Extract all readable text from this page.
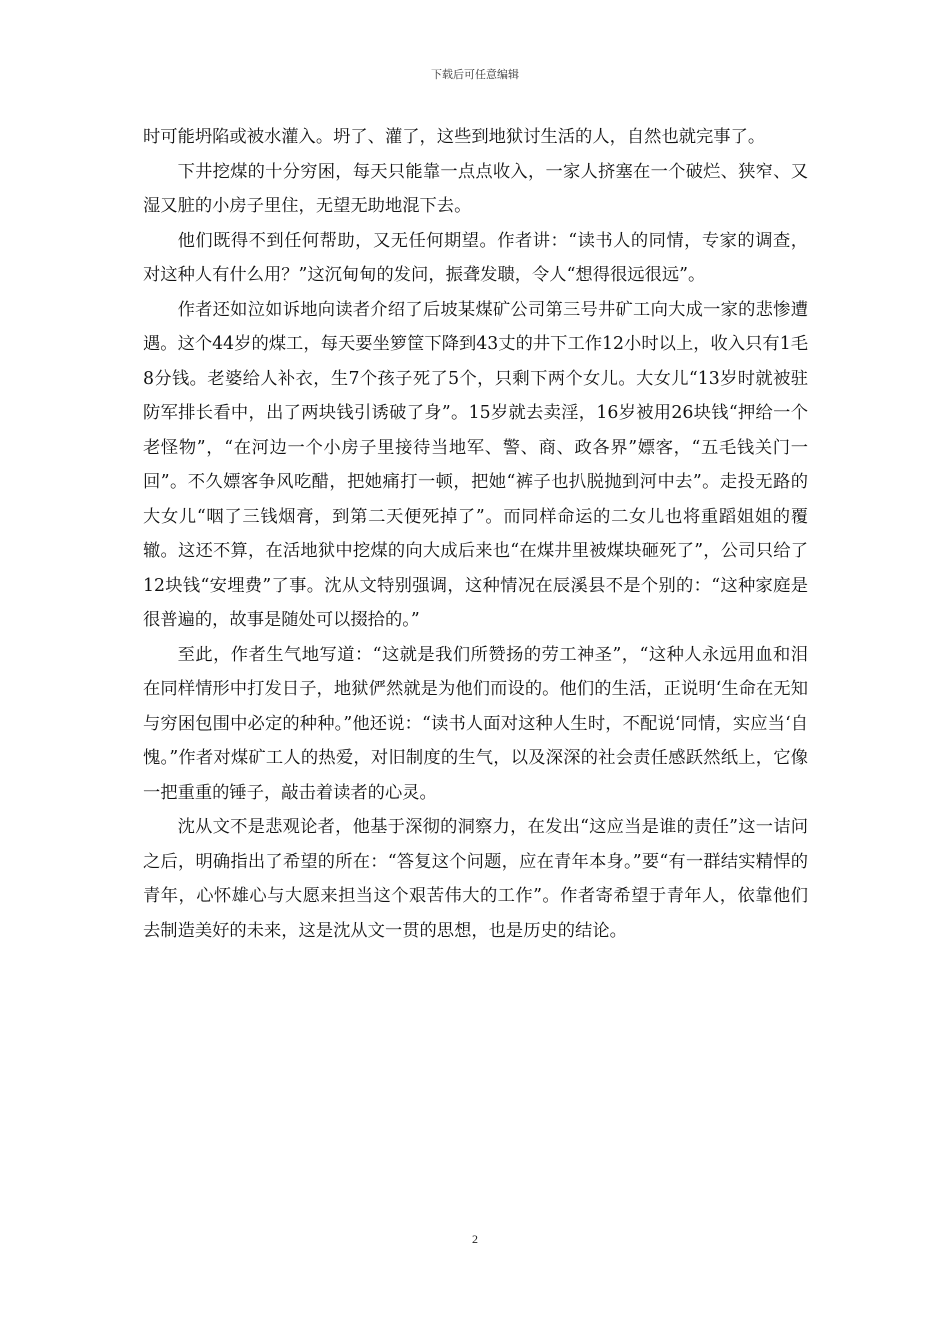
下载后可任意编辑

时可能坍陷或被水灌入。坍了、灌了，这些到地狱讨生活的人，自然也就完事了。

下井挖煤的十分穷困，每天只能靠一点点收入，一家人挤塞在一个破烂、狭窄、又湿又脏的小房子里住，无望无助地混下去。

他们既得不到任何帮助，又无任何期望。作者讲：“读书人的同情，专家的调查，对这种人有什么用？”这沉甸甸的发问，振聋发聩，令人“想得很远很远”。

作者还如泣如诉地向读者介绍了后坡某煤矿公司第三号井矿工向大成一家的悲惨遭遇。这个44岁的煤工，每天要坐箩筐下降到43丈的井下工作12小时以上，收入只有1毛8分钱。老婆给人补衣，生7个孩子死了5个，只剩下两个女儿。大女儿“13岁时就被驻防军排长看中，出了两块钱引诱破了身”。15岁就去卖淫，16岁被用26块钱“押给一个老怪物”，“在河边一个小房子里接待当地军、警、商、政各界”嫖客，“五毛钱关门一回”。不久嫖客争风吃醋，把她痛打一顿，把她“裤子也扒脱抛到河中去”。走投无路的大女儿“咽了三钱烟膏，到第二天便死掉了”。而同样命运的二女儿也将重蹈姐姐的覆辙。这还不算，在活地狱中挖煤的向大成后来也“在煤井里被煤块砸死了”，公司只给了12块钱“安埋费”了事。沈从文特别强调，这种情况在辰溪县不是个别的：“这种家庭是很普遍的，故事是随处可以掇拾的。”

至此，作者生气地写道：“这就是我们所赞扬的劳工神圣”，“这种人永远用血和泪在同样情形中打发日子，地狱俨然就是为他们而设的。他们的生活，正说明‘生命在无知与穷困包围中必定的种种。”他还说：“读书人面对这种人生时，不配说‘同情，实应当‘自愧。”作者对煤矿工人的热爱，对旧制度的生气，以及深深的社会责任感跃然纸上，它像一把重重的锤子，敲击着读者的心灵。

沈从文不是悲观论者，他基于深彻的洞察力，在发出“这应当是谁的责任”这一诘问之后，明确指出了希望的所在：“答复这个问题，应在青年本身。”要“有一群结实精悍的青年，心怀雄心与大愿来担当这个艰苦伟大的工作”。作者寄希望于青年人，依靠他们去制造美好的未来，这是沈从文一贯的思想，也是历史的结论。

2
